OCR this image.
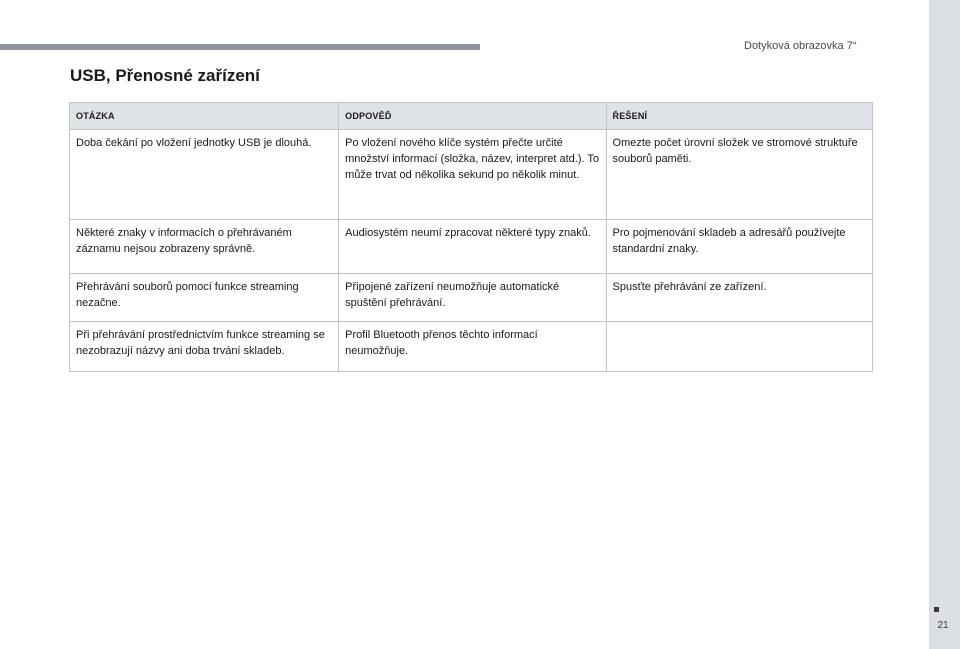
Dotyková obrazovka 7“
21
USB, Přenosné zařízení
OTÁZKA	ODPOVĚĎ	ŘEŠENÍ
Doba čekání po vložení jednotky USB je dlouhá.	Po vložení nového klíče systém přečte určité množství informací (složka, název, interpret atd.). To může trvat od několika sekund po několik minut.	Omezte počet úrovní složek ve stromové struktuře souborů paměti.
Některé znaky v informacích o přehrávaném záznamu nejsou zobrazeny správně.	Audiosystém neumí zpracovat některé typy znaků.	Pro pojmenování skladeb a adresářů používejte standardní znaky.
Přehrávání souborů pomocí funkce streaming nezačne.	Připojené zařízení neumožňuje automatické spuštění přehrávání.	Spusťte přehrávání ze zařízení.
Při přehrávání prostřednictvím funkce streaming se nezobrazují názvy ani doba trvání skladeb.	Profil Bluetooth přenos těchto informací neumožňuje.	
